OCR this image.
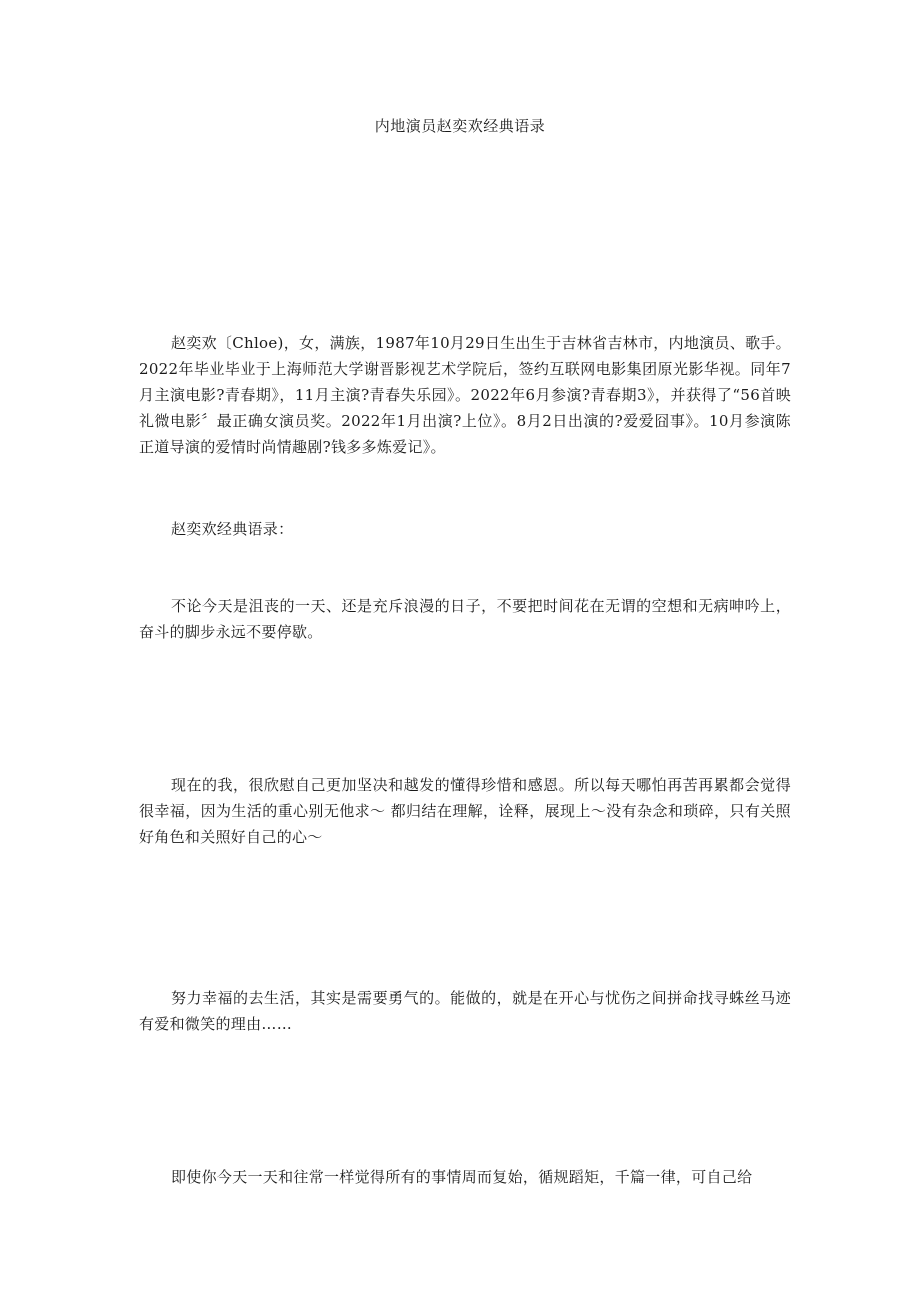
内地演员赵奕欢经典语录

赵奕欢〔Chloe)，女，满族，1987年10月29日生出生于吉林省吉林市，内地演员、歌手。2022年毕业毕业于上海师范大学谢晋影视艺术学院后，签约互联网电影集团原光影华视。同年7月主演电影?青春期》，11月主演?青春失乐园》。2022年6月参演?青春期3》，并获得了“56首映礼微电影〞最正确女演员奖。2022年1月出演?上位》。8月2日出演的?爱爱囧事》。10月参演陈正道导演的爱情时尚情趣剧?钱多多炼爱记》。

赵奕欢经典语录：

不论今天是沮丧的一天、还是充斥浪漫的日子，不要把时间花在无谓的空想和无病呻吟上，奋斗的脚步永远不要停歇。

现在的我，很欣慰自己更加坚决和越发的懂得珍惜和感恩。所以每天哪怕再苦再累都会觉得很幸福，因为生活的重心别无他求～ 都归结在理解，诠释，展现上～没有杂念和琐碎，只有关照好角色和关照好自己的心～

努力幸福的去生活，其实是需要勇气的。能做的，就是在开心与忧伤之间拼命找寻蛛丝马迹有爱和微笑的理由……

即使你今天一天和往常一样觉得所有的事情周而复始，循规蹈矩，千篇一律，可自己给
